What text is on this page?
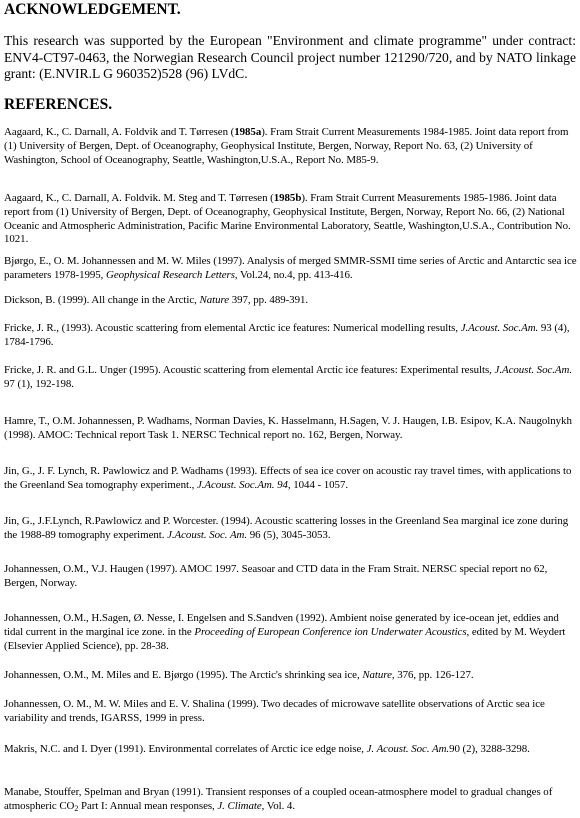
ACKNOWLEDGEMENT.

This research was supported by the European "Environment and climate programme" under contract: ENV4-CT97-0463, the Norwegian Research Council project number 121290/720, and by NATO linkage grant: (E.NVIR.L G 960352)528 (96) LVdC.

REFERENCES.

Aagaard, K., C. Darnall, A. Foldvik and T. Tørresen (1985a). Fram Strait Current Measurements 1984-1985. Joint data report from (1) University of Bergen, Dept. of Oceanography, Geophysical Institute, Bergen, Norway, Report No. 63, (2) University of Washington, School of Oceanography, Seattle, Washington,U.S.A., Report No. M85-9.

Aagaard, K., C. Darnall, A. Foldvik. M. Steg and T. Tørresen (1985b). Fram Strait Current Measurements 1985-1986. Joint data report from (1) University of Bergen, Dept. of Oceanography, Geophysical Institute, Bergen, Norway, Report No. 66, (2) National Oceanic and Atmospheric Administration, Pacific Marine Environmental Laboratory, Seattle, Washington,U.S.A., Contribution No. 1021.

Bjørgo, E., O. M. Johannessen and M. W. Miles (1997). Analysis of merged SMMR-SSMI time series of Arctic and Antarctic sea ice parameters 1978-1995, Geophysical Research Letters, Vol.24, no.4, pp. 413-416.

Dickson, B. (1999). All change in the Arctic, Nature 397, pp. 489-391.

Fricke, J. R., (1993). Acoustic scattering from elemental Arctic ice features: Numerical modelling results, J.Acoust. Soc.Am. 93 (4), 1784-1796.

Fricke, J. R. and G.L. Unger (1995). Acoustic scattering from elemental Arctic ice features: Experimental results, J.Acoust. Soc.Am. 97 (1), 192-198.

Hamre, T., O.M. Johannessen, P. Wadhams, Norman Davies, K. Hasselmann, H.Sagen, V. J. Haugen, I.B. Esipov, K.A. Naugolnykh (1998). AMOC: Technical report Task 1. NERSC Technical report no. 162, Bergen, Norway.

Jin, G., J. F. Lynch, R. Pawlowicz and P. Wadhams (1993). Effects of sea ice cover on acoustic ray travel times, with applications to the Greenland Sea tomography experiment., J.Acoust. Soc.Am. 94, 1044 - 1057.

Jin, G., J.F.Lynch, R.Pawlowicz and P. Worcester. (1994). Acoustic scattering losses in the Greenland Sea marginal ice zone during the 1988-89 tomography experiment. J.Acoust. Soc. Am. 96 (5), 3045-3053.

Johannessen, O.M., V.J. Haugen (1997). AMOC 1997. Seasoar and CTD data in the Fram Strait. NERSC special report no 62, Bergen, Norway.

Johannessen, O.M., H.Sagen, Ø. Nesse, I. Engelsen and S.Sandven (1992). Ambient noise generated by ice-ocean jet, eddies and tidal current in the marginal ice zone. in the Proceeding of European Conference ion Underwater Acoustics, edited by M. Weydert (Elsevier Applied Science), pp. 28-38.

Johannessen, O.M., M. Miles and E. Bjørgo (1995). The Arctic's shrinking sea ice, Nature, 376, pp. 126-127.

Johannessen, O. M., M. W. Miles and E. V. Shalina (1999). Two decades of microwave satellite observations of Arctic sea ice variability and trends, IGARSS, 1999 in press.

Makris, N.C. and I. Dyer (1991). Environmental correlates of Arctic ice edge noise, J. Acoust. Soc. Am.90 (2), 3288-3298.

Manabe, Stouffer, Spelman and Bryan (1991). Transient responses of a coupled ocean-atmosphere model to gradual changes of atmospheric $CO_2$ Part I: Annual mean responses, J. Climate, Vol. 4.
